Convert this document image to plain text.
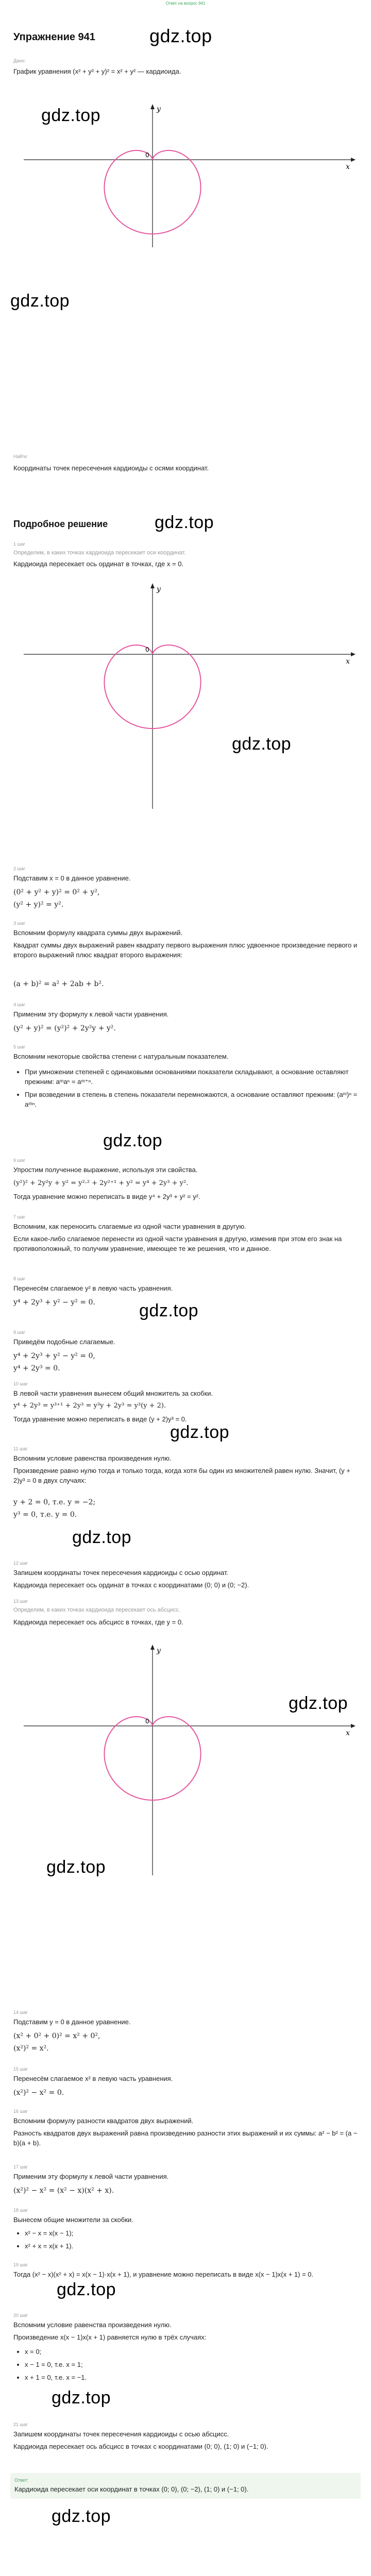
Ответ на вопрос 941
Упражнение 941	gdz.top
Дано:
График уравнения (x² + y² + y)² = x² + y² — кардиоида.
x
y
0
gdz.top
gdz.top
Найти:
Координаты точек пересечения кардиоиды с осями координат.
Подробное решение	gdz.top
1 шаг
Определим, в каких точках кардиоида пересекает оси координат.
Кардиоида пересекает ось ординат в точках, где x = 0.
x
y
0
gdz.top
2 шаг
Подставим x = 0 в данное уравнение.
(0² + y² + y)² = 0² + y²,
(y² + y)² = y².
3 шаг
Вспомним формулу квадрата суммы двух выражений.
Квадрат суммы двух выражений равен квадрату первого выражения плюс удвоенное произведение первого и второго выражений плюс квадрат второго выражения:
(a + b)² = a² + 2ab + b².
4 шаг
Применим эту формулу к левой части уравнения.
(y² + y)² = (y²)² + 2y²y + y².
5 шаг
Вспомним некоторые свойства степени с натуральным показателем.
• При умножении степеней с одинаковыми основаниями показатели складывают, а основание оставляют прежним: aᵐaⁿ = aᵐ⁺ⁿ.
• При возведении в степень в степень показатели перемножаются, а основание оставляют прежним: (aᵐ)ⁿ = aᵐⁿ.
gdz.top
6 шаг
Упростим полученное выражение, используя эти свойства.
(y²)² + 2y²y + y² = y²·² + 2y²⁺¹ + y² = y⁴ + 2y³ + y².
Тогда уравнение можно переписать в виде y⁴ + 2y³ + y² = y².
7 шаг
Вспомним, как переносить слагаемые из одной части уравнения в другую.
Если какое-либо слагаемое перенести из одной части уравнения в другую, изменив при этом его знак на противоположный, то получим уравнение, имеющее те же решения, что и данное.
8 шаг
Перенесём слагаемое y² в левую часть уравнения.
y⁴ + 2y³ + y² − y² = 0.	gdz.top
9 шаг
Приведём подобные слагаемые.
y⁴ + 2y³ + y² − y² = 0,
y⁴ + 2y³ = 0.
10 шаг
В левой части уравнения вынесем общий множитель за скобки.
y⁴ + 2y³ = y³⁺¹ + 2y³ = y³y + 2y³ = y³(y + 2).
Тогда уравнение можно переписать в виде (y + 2)y³ = 0.
gdz.top
11 шаг
Вспомним условие равенства произведения нулю.
Произведение равно нулю тогда и только тогда, когда хотя бы один из множителей равен нулю. Значит, (y + 2)y³ = 0 в двух случаях:
y + 2 = 0, т.е. y = −2;
y³ = 0, т.е. y = 0.
gdz.top
12 шаг
Запишем координаты точек пересечения кардиоиды с осью ординат.
Кардиоида пересекает ось ординат в точках с координатами (0; 0) и (0; −2).
13 шаг
Определим, в каких точках кардиоида пересекает ось абсцисс.
Кардиоида пересекает ось абсцисс в точках, где y = 0.
x
y
0
gdz.top
gdz.top
14 шаг
Подставим y = 0 в данное уравнение.
(x² + 0² + 0)² = x² + 0²,
(x²)² = x².
15 шаг
Перенесём слагаемое x² в левую часть уравнения.
(x²)² − x² = 0.
16 шаг
Вспомним формулу разности квадратов двух выражений.
Разность квадратов двух выражений равна произведению разности этих выражений и их суммы: a² − b² = (a − b)(a + b).
17 шаг
Применим эту формулу к левой части уравнения.
(x²)² − x² = (x² − x)(x² + x).
18 шаг
Вынесем общие множители за скобки.
• x² − x = x(x − 1);
• x² + x = x(x + 1).
19 шаг
Тогда (x² − x)(x² + x) = x(x − 1)·x(x + 1), и уравнение можно переписать в виде x(x − 1)x(x + 1) = 0.
gdz.top
20 шаг
Вспомним условие равенства произведения нулю.
Произведение x(x − 1)x(x + 1) равняется нулю в трёх случаях:
• x = 0;
• x − 1 = 0, т.е. x = 1;
• x + 1 = 0, т.е. x = −1.
gdz.top
21 шаг
Запишем координаты точек пересечения кардиоиды с осью абсцисс.
Кардиоида пересекает ось абсцисс в точках с координатами (0; 0), (1; 0) и (−1; 0).
Ответ:
Кардиоида пересекает оси координат в точках (0; 0), (0; −2), (1; 0) и (−1; 0).
gdz.top
